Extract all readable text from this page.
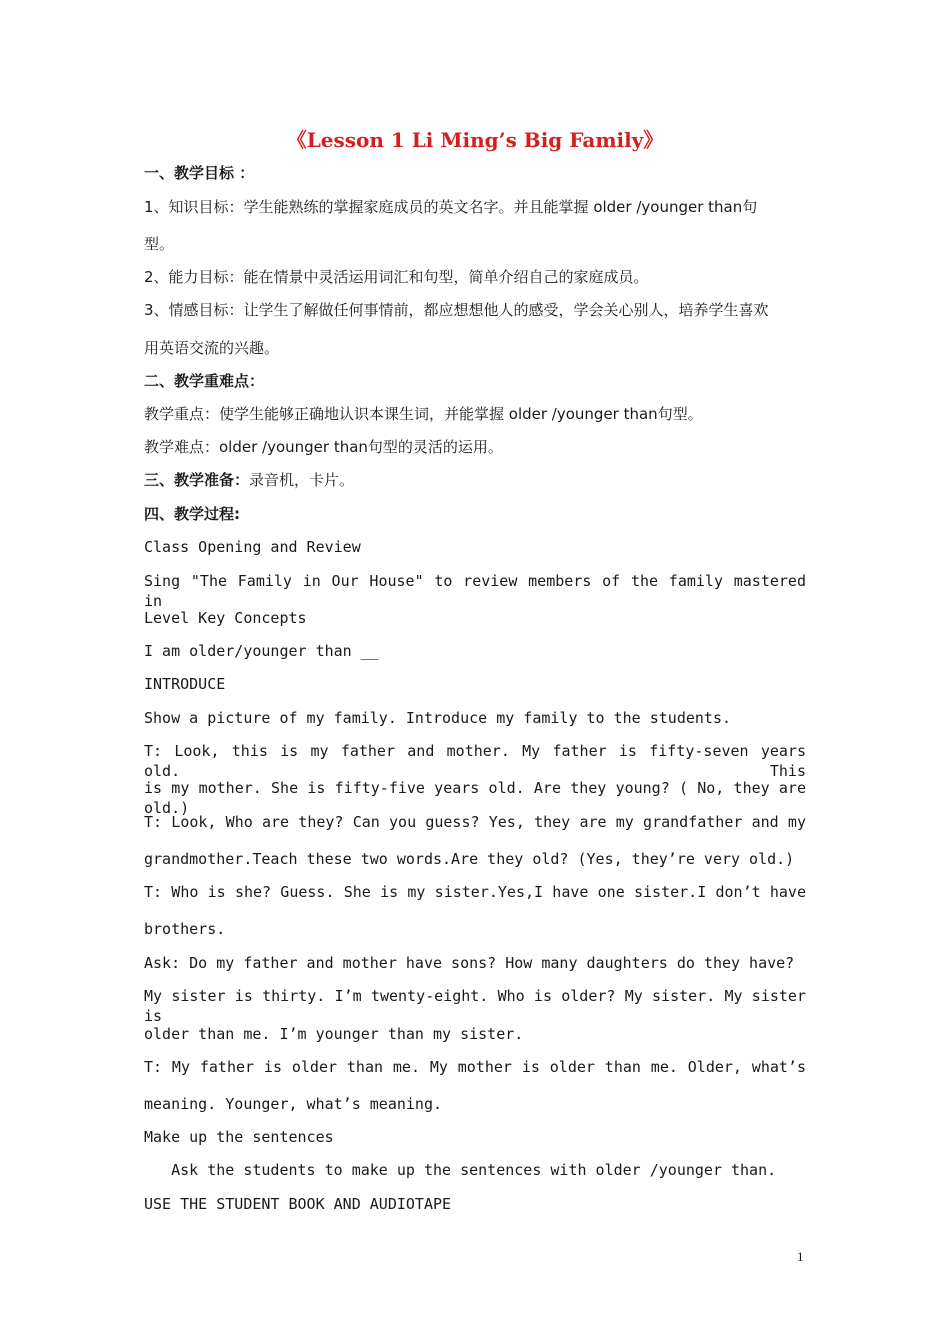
《Lesson 1 Li Ming’s Big Family》
一、教学目标 ：
1、知识目标：学生能熟练的掌握家庭成员的英文名字。并且能掌握 older /younger than句
型。
2、能力目标：能在情景中灵活运用词汇和句型，简单介绍自己的家庭成员。
3、情感目标：让学生了解做任何事情前，都应想想他人的感受，学会关心别人，培养学生喜欢
用英语交流的兴趣。
二、教学重难点：
教学重点：使学生能够正确地认识本课生词，并能掌握 older /younger than句型。
教学难点：older /younger than句型的灵活的运用。
三、教学准备：录音机，卡片。
四、教学过程:
Class Opening and Review
Sing "The Family in Our House" to review members of the family mastered in
Level Key Concepts
I am older/younger than __
INTRODUCE
Show a picture of my family. Introduce my family to the students.
T: Look, this is my father and mother. My father is fifty-seven years old. This
is my mother. She is fifty-five years old. Are they young? ( No, they are old.)
T: Look, Who are they? Can you guess? Yes, they are my grandfather and my
grandmother.Teach these two words.Are they old? (Yes, they’re very old.)
T: Who is she? Guess. She is my sister.Yes,I have one sister.I don’t have
brothers.
Ask: Do my father and mother have sons? How many daughters do they have?
My sister is thirty. I’m twenty-eight. Who is older? My sister. My sister is
older than me. I’m younger than my sister.
T: My father is older than me. My mother is older than me. Older, what’s
meaning. Younger, what’s meaning.
Make up the sentences
Ask the students to make up the sentences with older /younger than.
USE THE STUDENT BOOK AND AUDIOTAPE
1
